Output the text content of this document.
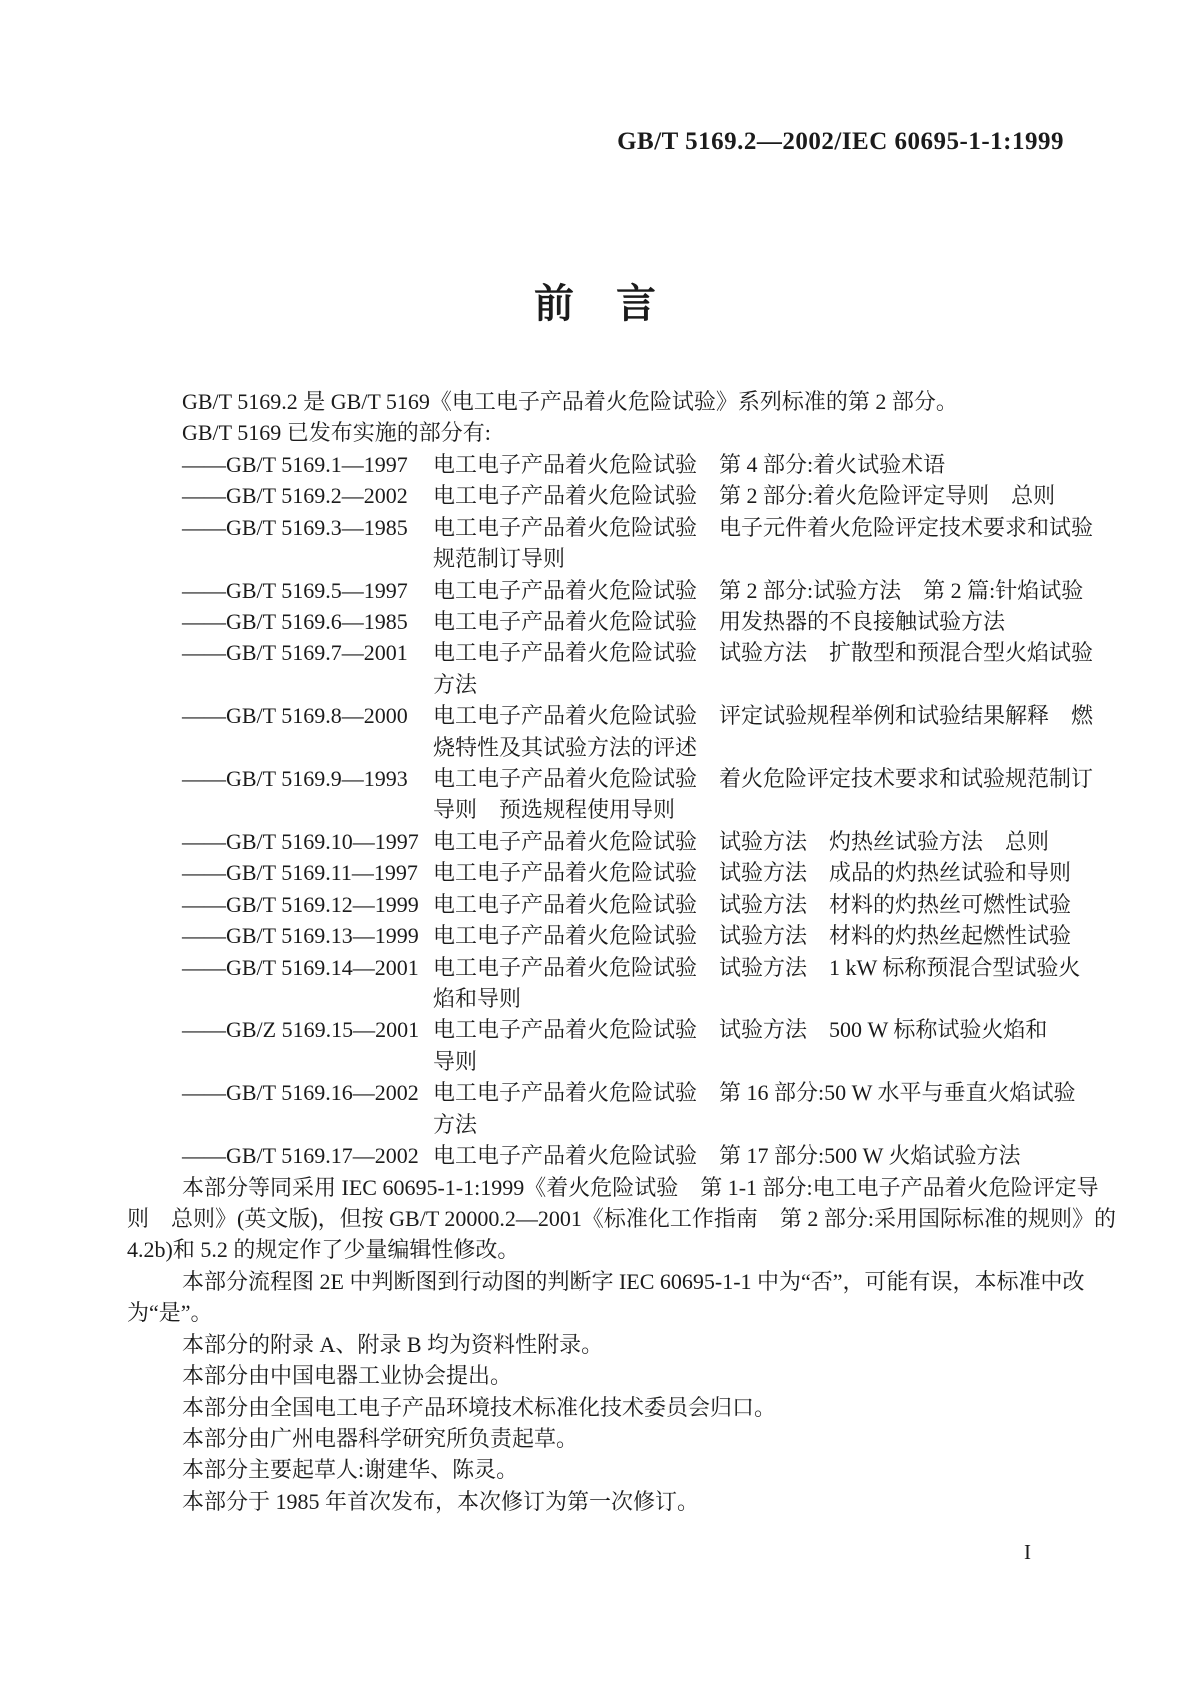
GB/T 5169.2—2002/IEC 60695-1-1:1999
前　言
GB/T 5169.2 是 GB/T 5169《电工电子产品着火危险试验》系列标准的第 2 部分。
GB/T 5169 已发布实施的部分有:
——GB/T 5169.1—1997	电工电子产品着火危险试验　第 4 部分:着火试验术语
——GB/T 5169.2—2002	电工电子产品着火危险试验　第 2 部分:着火危险评定导则　总则
——GB/T 5169.3—1985	电工电子产品着火危险试验　电子元件着火危险评定技术要求和试验
规范制订导则
——GB/T 5169.5—1997	电工电子产品着火危险试验　第 2 部分:试验方法　第 2 篇:针焰试验
——GB/T 5169.6—1985	电工电子产品着火危险试验　用发热器的不良接触试验方法
——GB/T 5169.7—2001	电工电子产品着火危险试验　试验方法　扩散型和预混合型火焰试验
方法
——GB/T 5169.8—2000	电工电子产品着火危险试验　评定试验规程举例和试验结果解释　燃
烧特性及其试验方法的评述
——GB/T 5169.9—1993	电工电子产品着火危险试验　着火危险评定技术要求和试验规范制订
导则　预选规程使用导则
——GB/T 5169.10—1997 电工电子产品着火危险试验　试验方法　灼热丝试验方法　总则
——GB/T 5169.11—1997 电工电子产品着火危险试验　试验方法　成品的灼热丝试验和导则
——GB/T 5169.12—1999 电工电子产品着火危险试验　试验方法　材料的灼热丝可燃性试验
——GB/T 5169.13—1999 电工电子产品着火危险试验　试验方法　材料的灼热丝起燃性试验
——GB/T 5169.14—2001 电工电子产品着火危险试验　试验方法　1 kW 标称预混合型试验火
焰和导则
——GB/Z 5169.15—2001 电工电子产品着火危险试验　试验方法　500 W 标称试验火焰和
导则
——GB/T 5169.16—2002 电工电子产品着火危险试验　第 16 部分:50 W 水平与垂直火焰试验
方法
——GB/T 5169.17—2002 电工电子产品着火危险试验　第 17 部分:500 W 火焰试验方法
本部分等同采用 IEC 60695-1-1:1999《着火危险试验　第 1-1 部分:电工电子产品着火危险评定导
则　总则》(英文版)，但按 GB/T 20000.2—2001《标准化工作指南　第 2 部分:采用国际标准的规则》的
4.2b)和 5.2 的规定作了少量编辑性修改。
本部分流程图 2E 中判断图到行动图的判断字 IEC 60695-1-1 中为“否”，可能有误，本标准中改
为“是”。
本部分的附录 A、附录 B 均为资料性附录。
本部分由中国电器工业协会提出。
本部分由全国电工电子产品环境技术标准化技术委员会归口。
本部分由广州电器科学研究所负责起草。
本部分主要起草人:谢建华、陈灵。
本部分于 1985 年首次发布，本次修订为第一次修订。
I
